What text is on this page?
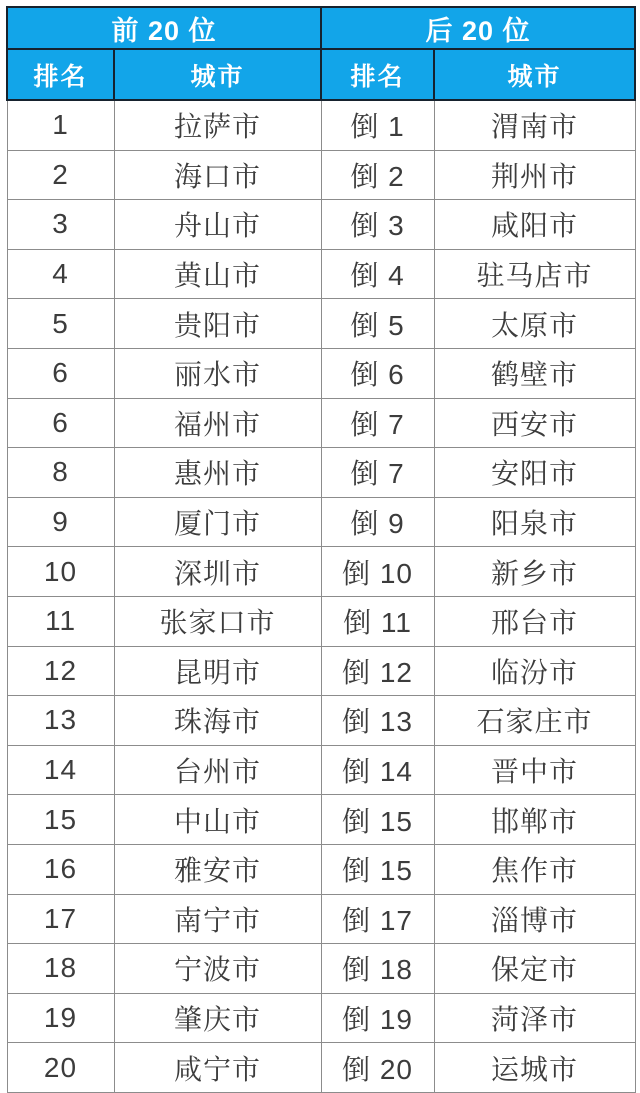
前 20 位		后 20 位	
排名	城市	排名	城市
1	拉萨市	倒 1	渭南市
2	海口市	倒 2	荆州市
3	舟山市	倒 3	咸阳市
4	黄山市	倒 4	驻马店市
5	贵阳市	倒 5	太原市
6	丽水市	倒 6	鹤壁市
6	福州市	倒 7	西安市
8	惠州市	倒 7	安阳市
9	厦门市	倒 9	阳泉市
10	深圳市	倒 10	新乡市
11	张家口市	倒 11	邢台市
12	昆明市	倒 12	临汾市
13	珠海市	倒 13	石家庄市
14	台州市	倒 14	晋中市
15	中山市	倒 15	邯郸市
16	雅安市	倒 15	焦作市
17	南宁市	倒 17	淄博市
18	宁波市	倒 18	保定市
19	肇庆市	倒 19	菏泽市
20	咸宁市	倒 20	运城市
